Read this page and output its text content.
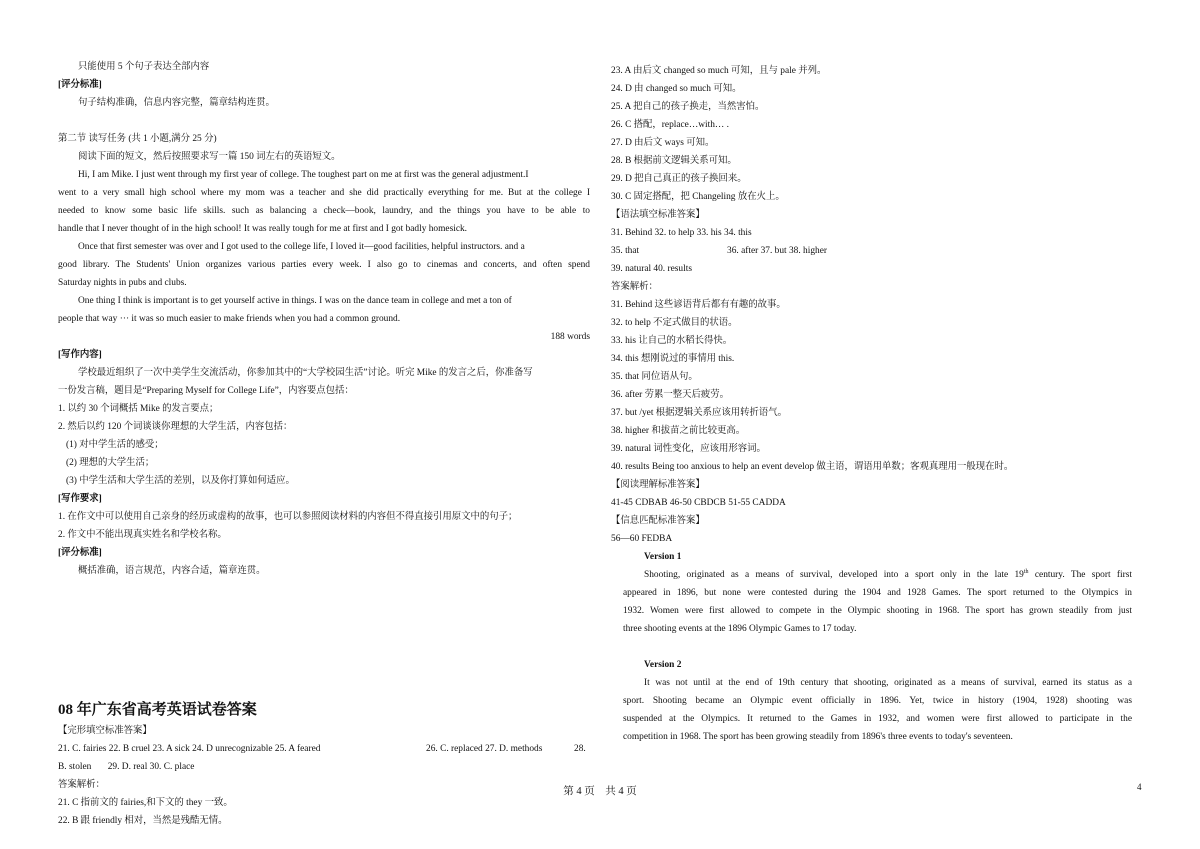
只能使用 5 个句子表达全部内容
[评分标准]
句子结构准确，信息内容完整，篇章结构连贯。
第二节 读写任务 (共 1 小题,满分 25 分)
阅读下面的短文，然后按照要求写一篇 150 词左右的英语短文。
Hi, I am Mike. I just went through my first year of college. The toughest part on me at first was the general adjustment.I
went to a very small high school where my mom was a teacher and she did practically everything for me. But at the college I
needed to know some basic life skills. such as balancing a check—book, laundry, and the things you have to be able to
handle that I never thought of in the high school! It was really tough for me at first and I got badly homesick.
Once that first semester was over and I got used to the college life, I loved it—good facilities, helpful instructors. and a
good library. The Students' Union organizes various parties every week. I also go to cinemas and concerts, and often spend
Saturday nights in pubs and clubs.
One thing I think is important is to get yourself active in things. I was on the dance team in college and met a ton of
people that way ··· it was so much easier to make friends when you had a common ground.
188 words
[写作内容]
学校最近组织了一次中美学生交流活动，你参加其中的“大学校园生活”讨论。听完 Mike 的发言之后，你准备写
一份发言稿，题目是“Preparing Myself for College Life”，内容要点包括：
1. 以约 30 个词概括 Mike 的发言要点；
2. 然后以约 120 个词谈谈你理想的大学生活，内容包括：
(1) 对中学生活的感受；
(2) 理想的大学生活；
(3) 中学生活和大学生活的差别，以及你打算如何适应。
[写作要求]
1. 在作文中可以使用自己亲身的经历或虚构的故事，也可以参照阅读材料的内容但不得直接引用原文中的句子；
2. 作文中不能出现真实姓名和学校名称。
[评分标准]
概括准确，语言规范，内容合适，篇章连贯。
08 年广东省高考英语试卷答案
【完形填空标准答案】
21. C. fairies 22. B cruel 23. A sick 24. D unrecognizable 25. A feared	26. C. replaced 27. D. methods	28.
B. stolen       29. D. real 30. C. place
答案解析：
21. C 指前文的 fairies,和下文的 they 一致。
22. B 跟 friendly 相对，当然是残酷无情。
23. A 由后文 changed so much 可知，且与 pale 并列。
24. D 由 changed so much 可知。
25. A 把自己的孩子换走，当然害怕。
26. C 搭配，replace…with… .
27. D 由后文 ways 可知。
28. B 根据前文逻辑关系可知。
29. D 把自己真正的孩子换回来。
30. C 固定搭配，把 Changeling 放在火上。
【语法填空标准答案】
31. Behind 32. to help 33. his 34. this
35. that	36. after 37. but 38. higher
39. natural 40. results
答案解析：
31. Behind 这些谚语背后都有有趣的故事。
32. to help 不定式做目的状语。
33. his 让自己的水稻长得快。
34. this 想刚说过的事情用 this.
35. that 同位语从句。
36. after 劳累一整天后疲劳。
37. but /yet 根据逻辑关系应该用转折语气。
38. higher 和拔苗之前比较更高。
39. natural 词性变化，应该用形容词。
40. results Being too anxious to help an event develop 做主语，谓语用单数；客观真理用一般现在时。
【阅读理解标准答案】
41-45 CDBAB 46-50 CBDCB 51-55 CADDA
【信息匹配标准答案】
56—60 FEDBA
Version 1
Shooting, originated as a means of survival, developed into a sport only in the late 19th century. The sport first
appeared in 1896, but none were contested during the 1904 and 1928 Games. The sport returned to the Olympics in
1932. Women were first allowed to compete in the Olympic shooting in 1968. The sport has grown steadily from just
three shooting events at the 1896 Olympic Games to 17 today.
Version 2
It was not until at the end of 19th century that shooting, originated as a means of survival, earned its status as a
sport. Shooting became an Olympic event officially in 1896. Yet, twice in history (1904, 1928) shooting was
suspended at the Olympics. It returned to the Games in 1932, and women were first allowed to participate in the
competition in 1968. The sport has been growing steadily from 1896's three events to today's seventeen.
第 4 页    共 4 页	4
